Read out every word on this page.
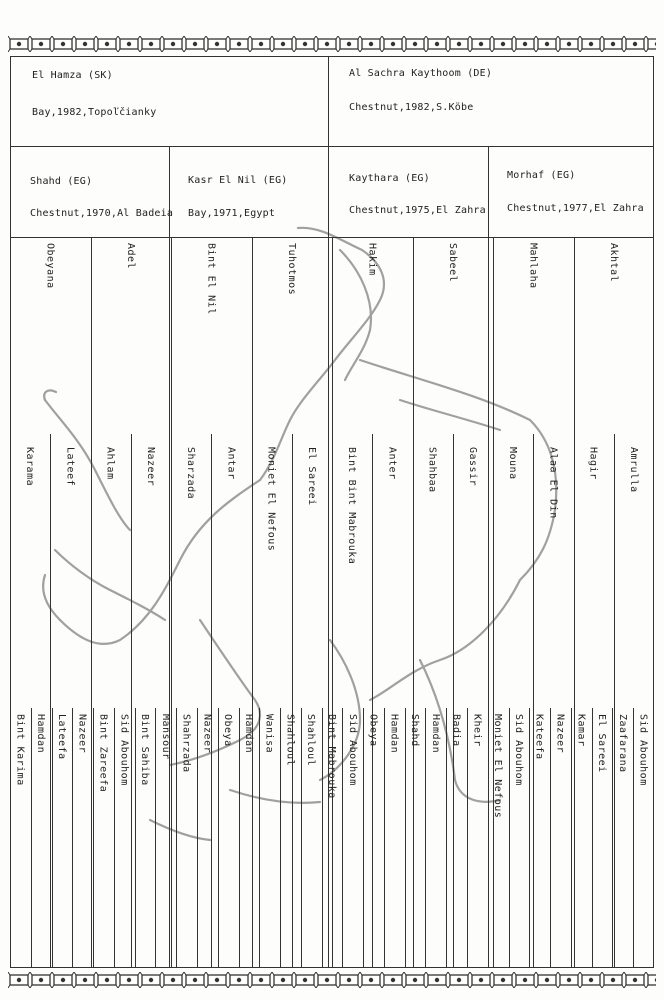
El Hamza (SK)
Bay,1982,Topoľčianky
Al Sachra Kaythoom (DE)
Chestnut,1982,S.Köbe
Shahd (EG)
Chestnut,1970,Al Badeia
Kasr El Nil (EG)
Bay,1971,Egypt
Kaythara (EG)
Chestnut,1975,El Zahra
Morhaf (EG)
Chestnut,1977,El Zahra
Obeyana	Adel	Bint El Nil	Tuhotmos	Hakim	Sabeel	Mahlaha	Akhtal
Karama	Lateef	Ahlam	Nazeer	Sharzada	Antar	Moniet El Nefous	El Sareei	Bint Bint Mabrouka	Anter	Shahbaa	Gassir	Mouna	Alaa El Din	Hagir	Amrulla
Bint Karima Hamdan Lateefa Nazeer Bint Zareefa Sid Abouhom Bint Sahiba Mansour Shahrzada Nazeer Obeya Hamdan Wanisa Shahloul Shahloul Bint Mabrouka Sid Abouhom Obeya Hamdan Shahd Hamdan Badia Kheir Moniet El Nefous Sid Abouhom Kateefa Nazeer Kamar El Sareei Zaafarana Sid Abouhom
